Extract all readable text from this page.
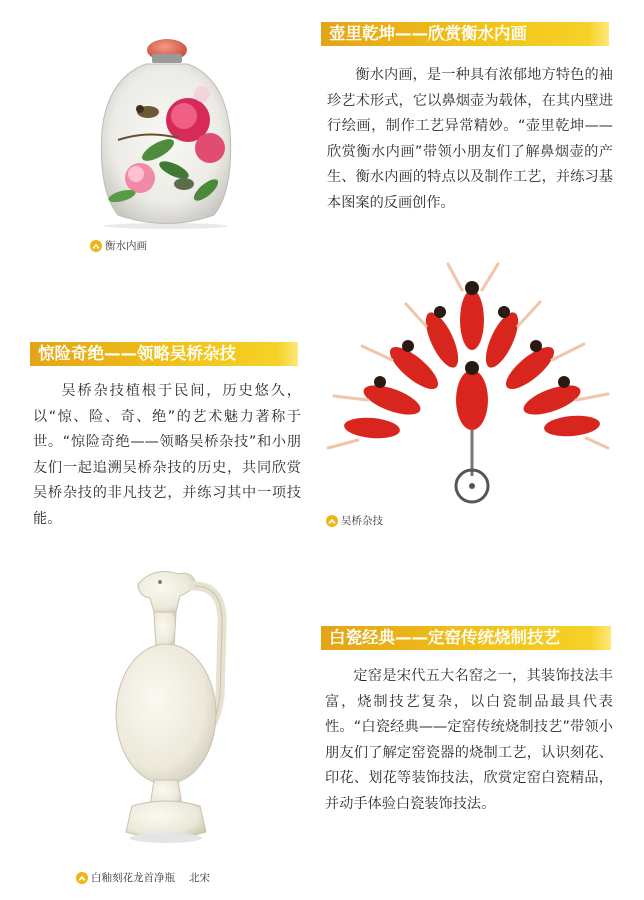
壶里乾坤——欣赏衡水内画

衡水内画，是一种具有浓郁地方特色的袖珍艺术形式，它以鼻烟壶为载体，在其内壁进行绘画，制作工艺异常精妙。“壶里乾坤——欣赏衡水内画”带领小朋友们了解鼻烟壶的产生、衡水内画的特点以及制作工艺，并练习基本图案的反画创作。

衡水内画
惊险奇绝——领略吴桥杂技

吴桥杂技植根于民间，历史悠久，以“惊、险、奇、绝”的艺术魅力著称于世。“惊险奇绝——领略吴桥杂技”和小朋友们一起追溯吴桥杂技的历史，共同欣赏吴桥杂技的非凡技艺，并练习其中一项技能。	吴桥杂技
白瓷经典——定窑传统烧制技艺

定窑是宋代五大名窑之一，其装饰技法丰富，烧制技艺复杂，以白瓷制品最具代表性。“白瓷经典——定窑传统烧制技艺”带领小朋友们了解定窑瓷器的烧制工艺，认识刻花、印花、划花等装饰技法，欣赏定窑白瓷精品，并动手体验白瓷装饰技法。

白釉刻花龙首净瓶 北宋
